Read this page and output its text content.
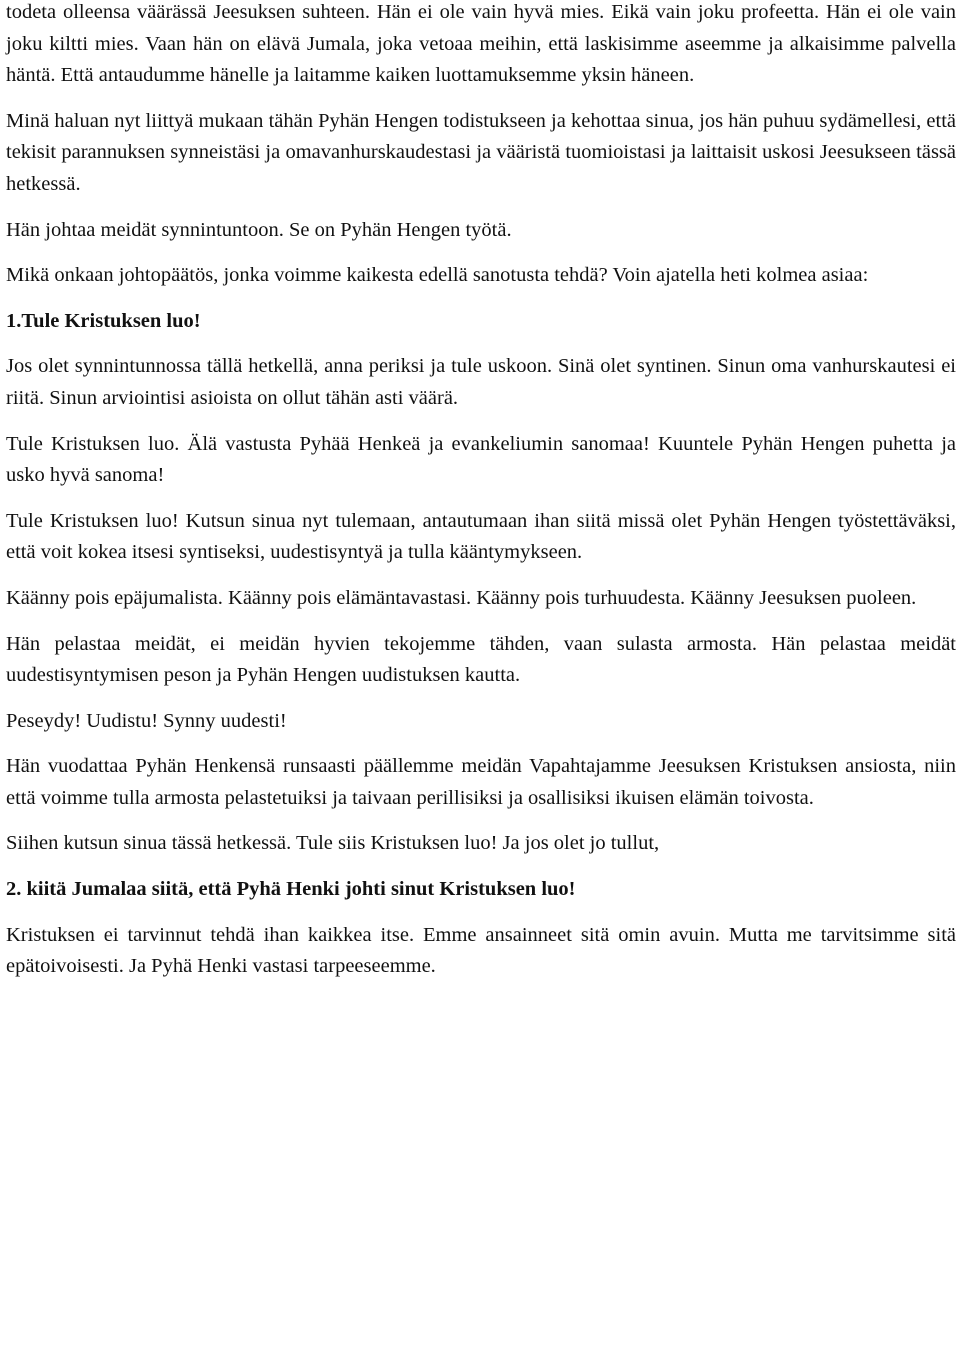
todeta olleensa väärässä Jeesuksen suhteen. Hän ei ole vain hyvä mies. Eikä vain joku profeetta. Hän ei ole vain joku kiltti mies. Vaan hän on elävä Jumala, joka vetoaa meihin, että laskisimme aseemme ja alkaisimme palvella häntä. Että antaudumme hänelle ja laitamme kaiken luottamuksemme yksin häneen.

Minä haluan nyt liittyä mukaan tähän Pyhän Hengen todistukseen ja kehottaa sinua, jos hän puhuu sydämellesi, että tekisit parannuksen synneistäsi ja omavanhurskaudestasi ja vääristä tuomioistasi ja laittaisit uskosi Jeesukseen tässä hetkessä.

Hän johtaa meidät synnintuntoon. Se on Pyhän Hengen työtä.

Mikä onkaan johtopäätös, jonka voimme kaikesta edellä sanotusta tehdä? Voin ajatella heti kolmea asiaa:

1.Tule Kristuksen luo!

Jos olet synnintunnossa tällä hetkellä, anna periksi ja tule uskoon. Sinä olet syntinen. Sinun oma vanhurskautesi ei riitä. Sinun arviointisi asioista on ollut tähän asti väärä.

Tule Kristuksen luo. Älä vastusta Pyhää Henkeä ja evankeliumin sanomaa! Kuuntele Pyhän Hengen puhetta ja usko hyvä sanoma!

Tule Kristuksen luo! Kutsun sinua nyt tulemaan, antautumaan ihan siitä missä olet Pyhän Hengen työstettäväksi, että voit kokea itsesi syntiseksi, uudestisyntyä ja tulla kääntymykseen.

Käänny pois epäjumalista. Käänny pois elämäntavastasi. Käänny pois turhuudesta. Käänny Jeesuksen puoleen.

Hän pelastaa meidät, ei meidän hyvien tekojemme tähden, vaan sulasta armosta. Hän pelastaa meidät uudestisyntymisen peson ja Pyhän Hengen uudistuksen kautta.

Peseydy! Uudistu! Synny uudesti!

Hän vuodattaa Pyhän Henkensä runsaasti päällemme meidän Vapahtajamme Jeesuksen Kristuksen ansiosta, niin että voimme tulla armosta pelastetuiksi ja taivaan perillisiksi ja osallisiksi ikuisen elämän toivosta.

Siihen kutsun sinua tässä hetkessä. Tule siis Kristuksen luo! Ja jos olet jo tullut,

2. kiitä Jumalaa siitä, että Pyhä Henki johti sinut Kristuksen luo!

Kristuksen ei tarvinnut tehdä ihan kaikkea itse. Emme ansainneet sitä omin avuin. Mutta me tarvitsimme sitä epätoivoisesti. Ja Pyhä Henki vastasi tarpeeseemme.
